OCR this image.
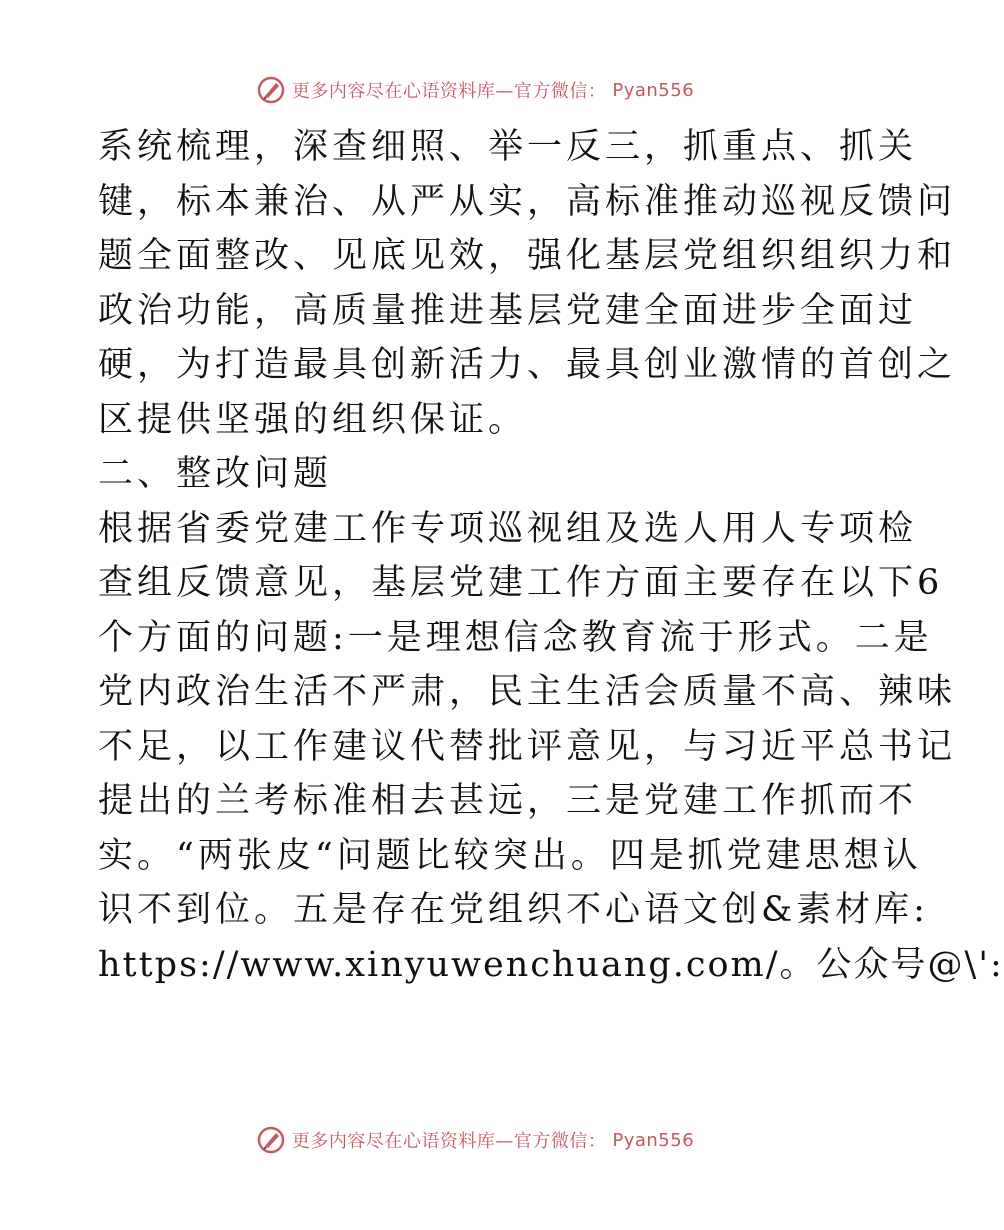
更多内容尽在心语资料库—官方微信： Pyan556
系统梳理，深查细照、举一反三，抓重点、抓关
键，标本兼治、从严从实，高标准推动巡视反馈问
题全面整改、见底见效，强化基层党组织组织力和
政治功能，高质量推进基层党建全面进步全面过
硬，为打造最具创新活力、最具创业激情的首创之
区提供坚强的组织保证。
二、整改问题
根据省委党建工作专项巡视组及选人用人专项检
查组反馈意见，基层党建工作方面主要存在以下6
个方面的问题:一是理想信念教育流于形式。二是
党内政治生活不严肃，民主生活会质量不高、辣味
不足，以工作建议代替批评意见，与习近平总书记
提出的兰考标准相去甚远，三是党建工作抓而不
实。“两张皮“问题比较突出。四是抓党建思想认
识不到位。五是存在党组织不心语文创&素材库:
https://www.xinyuwenchuang.com/。公众号@\':
更多内容尽在心语资料库—官方微信： Pyan556
